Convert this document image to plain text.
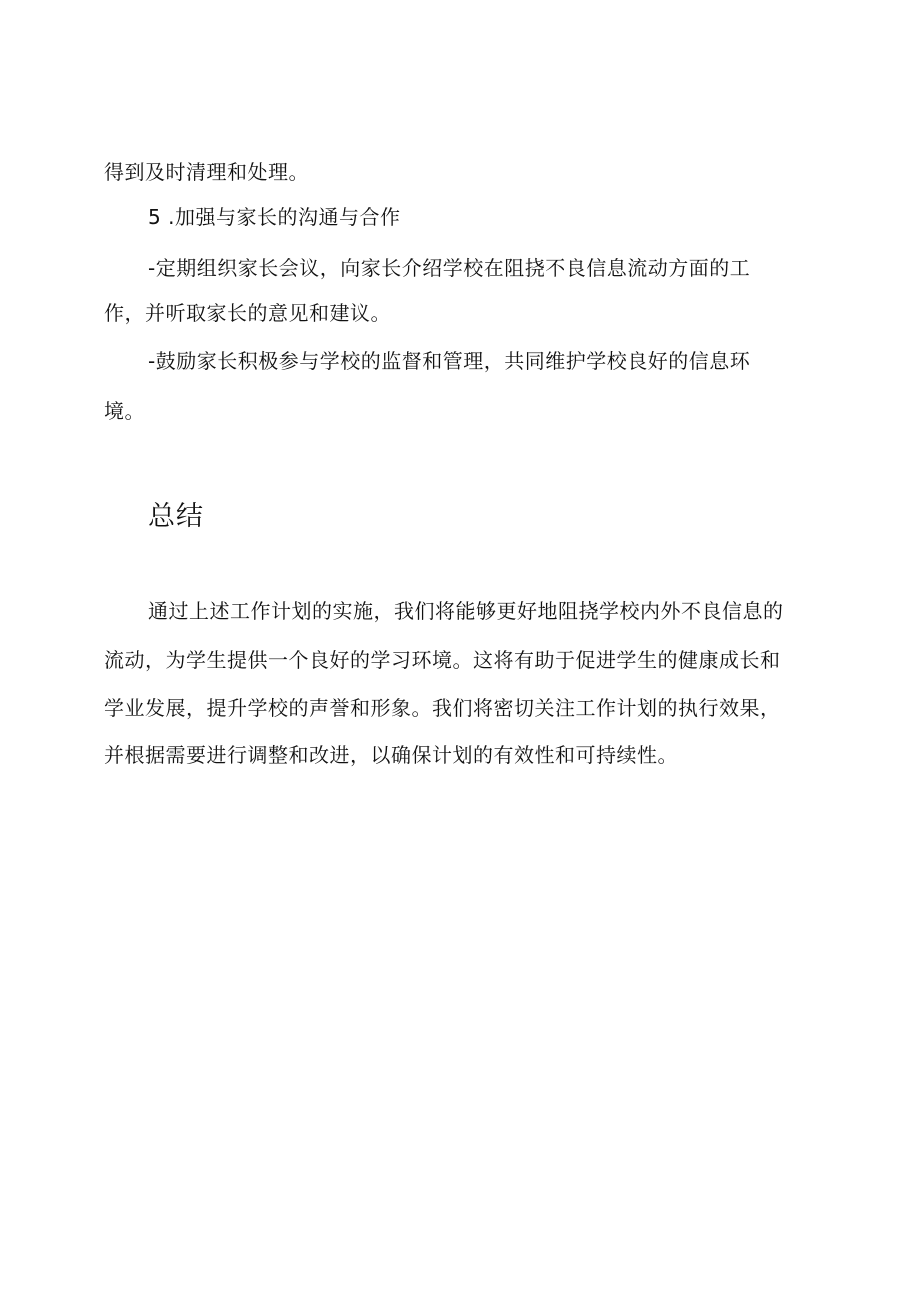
得到及时清理和处理。

5 .加强与家长的沟通与合作

-定期组织家长会议，向家长介绍学校在阻挠不良信息流动方面的工

作，并听取家长的意见和建议。

-鼓励家长积极参与学校的监督和管理，共同维护学校良好的信息环

境。

总结

通过上述工作计划的实施，我们将能够更好地阻挠学校内外不良信息的

流动，为学生提供一个良好的学习环境。这将有助于促进学生的健康成长和

学业发展，提升学校的声誉和形象。我们将密切关注工作计划的执行效果，

并根据需要进行调整和改进，以确保计划的有效性和可持续性。
